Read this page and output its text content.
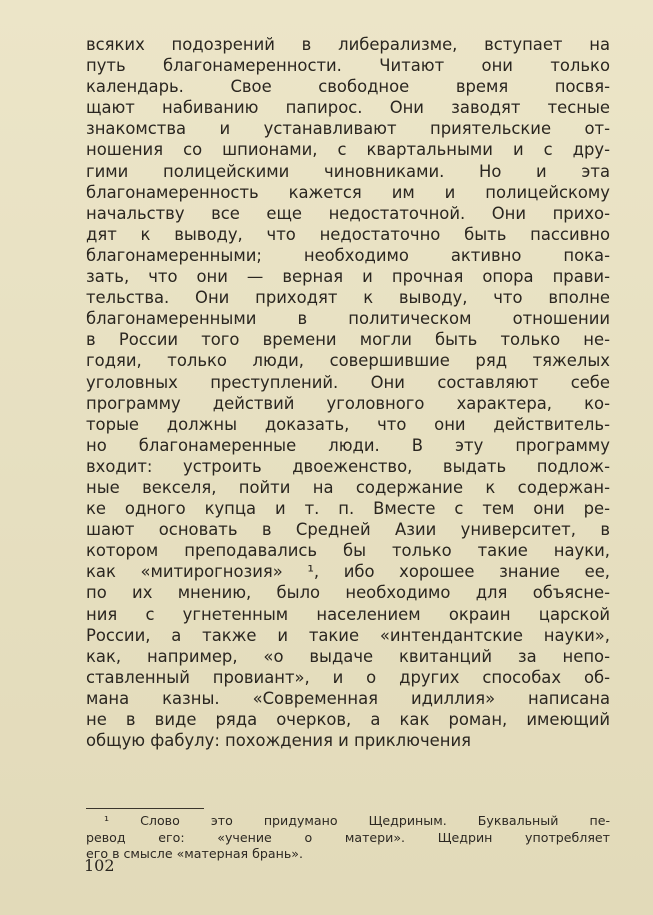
всяких подозрений в либерализме, вступает на
путь благонамеренности. Читают они только
календарь. Свое свободное время посвя-
щают набиванию папирос. Они заводят тесные
знакомства и устанавливают приятельские от-
ношения со шпионами, с квартальными и с дру-
гими полицейскими чиновниками. Но и эта
благонамеренность кажется им и полицейскому
начальству все еще недостаточной. Они прихо-
дят к выводу, что недостаточно быть пассивно
благонамеренными; необходимо активно пока-
зать, что они — верная и прочная опора прави-
тельства. Они приходят к выводу, что вполне
благонамеренными в политическом отношении
в России того времени могли быть только не-
годяи, только люди, совершившие ряд тяжелых
уголовных преступлений. Они составляют себе
программу действий уголовного характера, ко-
торые должны доказать, что они действитель-
но благонамеренные люди. В эту программу
входит: устроить двоеженство, выдать подлож-
ные векселя, пойти на содержание к содержан-
ке одного купца и т. п. Вместе с тем они ре-
шают основать в Средней Азии университет, в
котором преподавались бы только такие науки,
как «митирогнозия» ¹, ибо хорошее знание ее,
по их мнению, было необходимо для объясне-
ния с угнетенным населением окраин царской
России, а также и такие «интендантские науки»,
как, например, «о выдаче квитанций за непо-
ставленный провиант», и о других способах об-
мана казны. «Современная идиллия» написана
не в виде ряда очерков, а как роман, имеющий
общую фабулу: похождения и приключения
¹ Слово это придумано Щедриным. Буквальный пе-
ревод его: «учение о матери». Щедрин употребляет
его в смысле «матерная брань».
102
